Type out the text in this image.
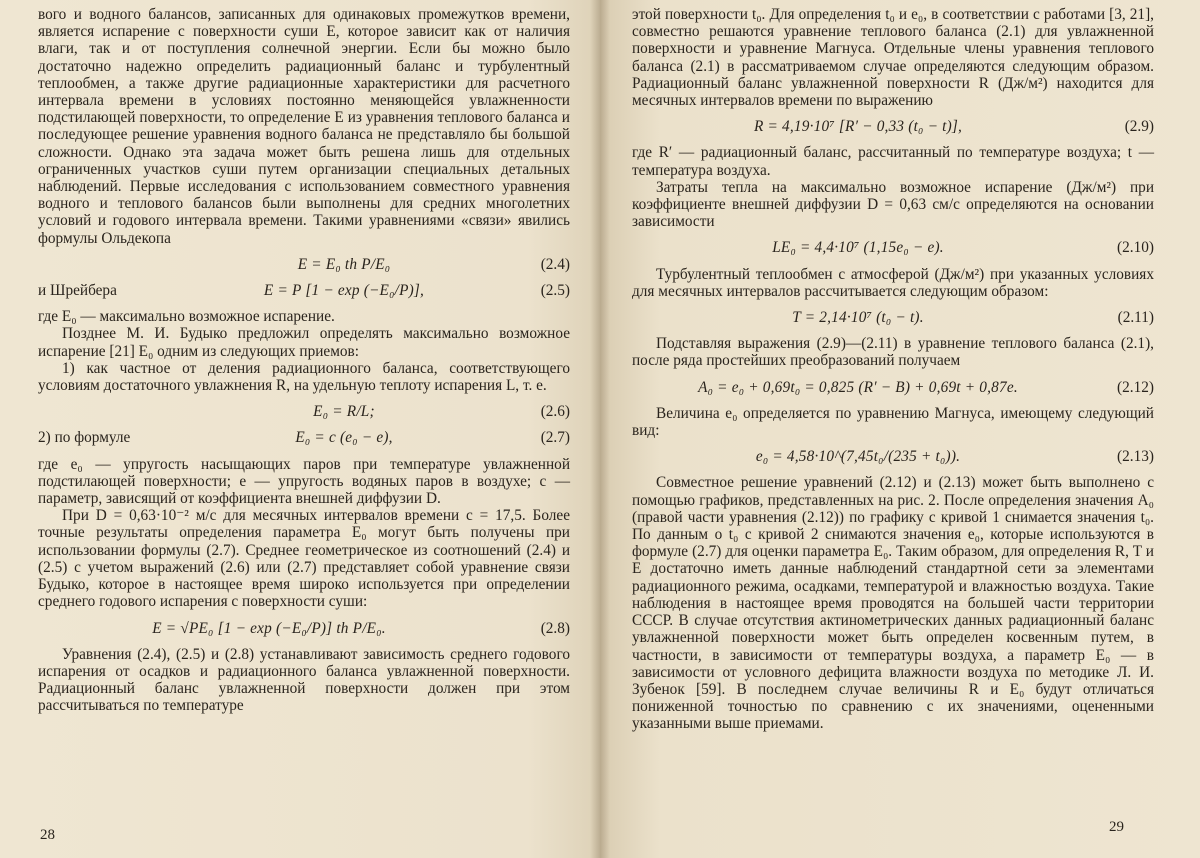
вого и водного балансов, записанных для одинаковых промежутков времени, является испарение с поверхности суши E, которое зависит как от наличия влаги, так и от поступления солнечной энергии. Если бы можно было достаточно надежно определить радиационный баланс и турбулентный теплообмен, а также другие радиационные характеристики для расчетного интервала времени в условиях постоянно меняющейся увлажненности подстилающей поверхности, то определение E из уравнения теплового баланса и последующее решение уравнения водного баланса не представляло бы большой сложности. Однако эта задача может быть решена лишь для отдельных ограниченных участков суши путем организации специальных детальных наблюдений. Первые исследования с использованием совместного уравнения водного и теплового балансов были выполнены для средних многолетних условий и годового интервала времени. Такими уравнениями «связи» явились формулы Ольдекопа

E = E₀ th P/E₀	(2.4)
и Шрейбера	E = P [1 − exp (−E₀/P)],	(2.5)

где E₀ — максимально возможное испарение.

Позднее М. И. Будыко предложил определять максимально возможное испарение [21] E₀ одним из следующих приемов:

1) как частное от деления радиационного баланса, соответствующего условиям достаточного увлажнения R, на удельную теплоту испарения L, т. е.

E₀ = R/L;	(2.6)
2) по формуле	E₀ = c (e₀ − e),	(2.7)

где e₀ — упругость насыщающих паров при температуре увлажненной подстилающей поверхности; e — упругость водяных паров в воздухе; c — параметр, зависящий от коэффициента внешней диффузии D.

При D = 0,63·10⁻² м/с для месячных интервалов времени c = 17,5. Более точные результаты определения параметра E₀ могут быть получены при использовании формулы (2.7). Среднее геометрическое из соотношений (2.4) и (2.5) с учетом выражений (2.6) или (2.7) представляет собой уравнение связи Будыко, которое в настоящее время широко используется при определении среднего годового испарения с поверхности суши:

E = √PE₀ [1 − exp (−E₀/P)] th P/E₀.	(2.8)

Уравнения (2.4), (2.5) и (2.8) устанавливают зависимость среднего годового испарения от осадков и радиационного баланса увлажненной поверхности. Радиационный баланс увлажненной поверхности должен при этом рассчитываться по температуре

28

этой поверхности t₀. Для определения t₀ и e₀, в соответствии с работами [3, 21], совместно решаются уравнение теплового баланса (2.1) для увлажненной поверхности и уравнение Магнуса. Отдельные члены уравнения теплового баланса (2.1) в рассматриваемом случае определяются следующим образом. Радиационный баланс увлажненной поверхности R (Дж/м²) находится для месячных интервалов времени по выражению

R = 4,19·10⁷ [R′ − 0,33 (t₀ − t)],	(2.9)

где R′ — радиационный баланс, рассчитанный по температуре воздуха; t — температура воздуха.

Затраты тепла на максимально возможное испарение (Дж/м²) при коэффициенте внешней диффузии D = 0,63 см/с определяются на основании зависимости

LE₀ = 4,4·10⁷ (1,15e₀ − e).	(2.10)

Турбулентный теплообмен с атмосферой (Дж/м²) при указанных условиях для месячных интервалов рассчитывается следующим образом:

T = 2,14·10⁷ (t₀ − t).	(2.11)

Подставляя выражения (2.9)—(2.11) в уравнение теплового баланса (2.1), после ряда простейших преобразований получаем

A₀ = e₀ + 0,69t₀ = 0,825 (R′ − B) + 0,69t + 0,87e.	(2.12)

Величина e₀ определяется по уравнению Магнуса, имеющему следующий вид:

e₀ = 4,58·10^(7,45t₀/(235 + t₀)).	(2.13)

Совместное решение уравнений (2.12) и (2.13) может быть выполнено с помощью графиков, представленных на рис. 2. После определения значения A₀ (правой части уравнения (2.12)) по графику с кривой 1 снимается значения t₀. По данным о t₀ с кривой 2 снимаются значения e₀, которые используются в формуле (2.7) для оценки параметра E₀. Таким образом, для определения R, T и E достаточно иметь данные наблюдений стандартной сети за элементами радиационного режима, осадками, температурой и влажностью воздуха. Такие наблюдения в настоящее время проводятся на большей части территории СССР. В случае отсутствия актинометрических данных радиационный баланс увлажненной поверхности может быть определен косвенным путем, в частности, в зависимости от температуры воздуха, а параметр E₀ — в зависимости от условного дефицита влажности воздуха по методике Л. И. Зубенок [59]. В последнем случае величины R и E₀ будут отличаться пониженной точностью по сравнению с их значениями, оцененными указанными выше приемами.

29
